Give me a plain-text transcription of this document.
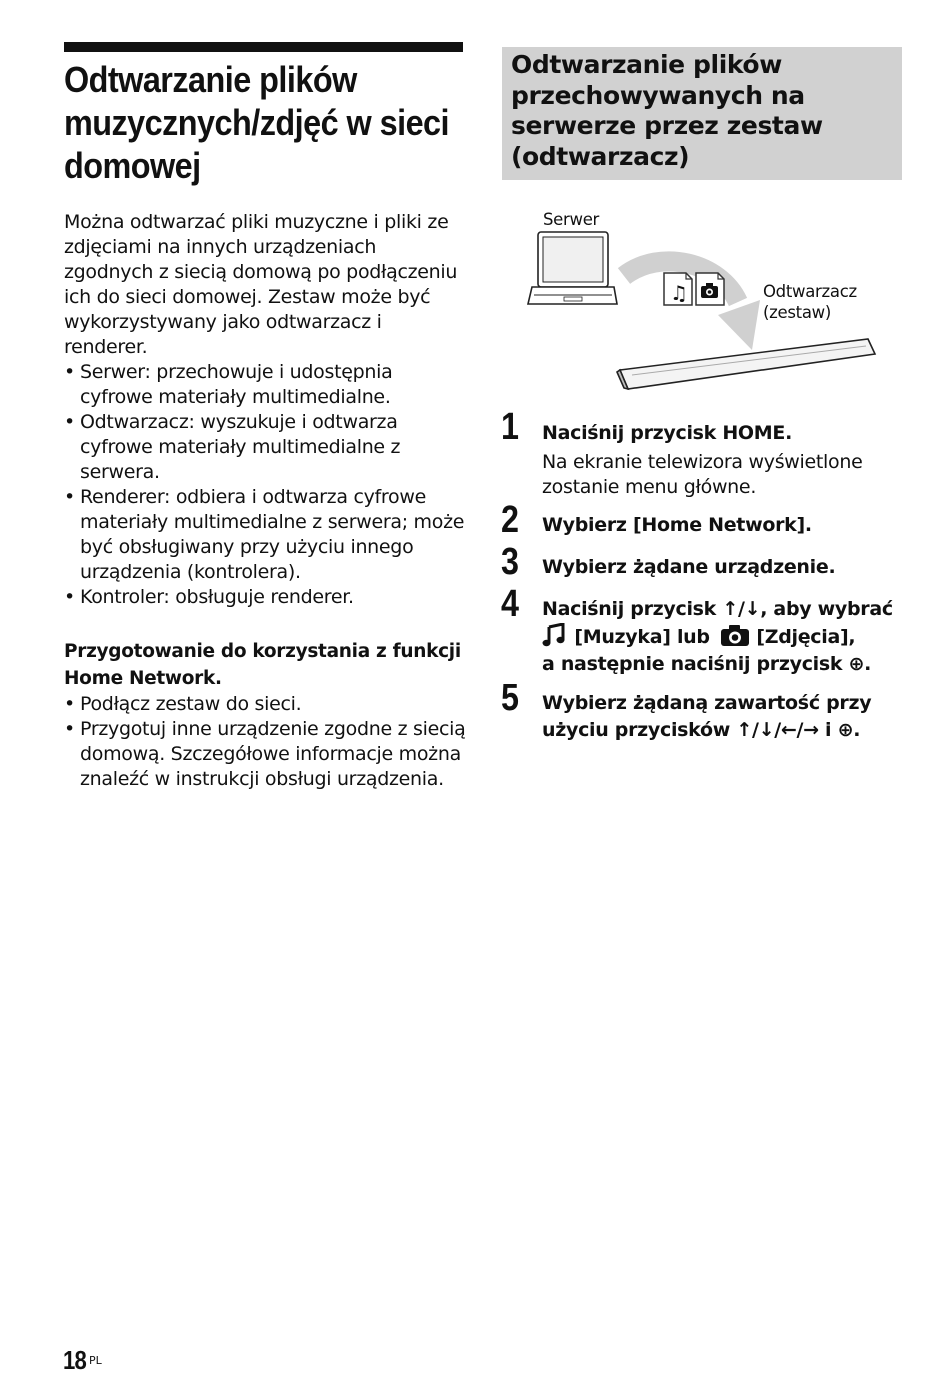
Odtwarzanie plików muzycznych/zdjęć w sieci domowej

Można odtwarzać pliki muzyczne i pliki ze zdjęciami na innych urządzeniach zgodnych z siecią domową po podłączeniu ich do sieci domowej. Zestaw może być wykorzystywany jako odtwarzacz i renderer.

• Serwer: przechowuje i udostępnia cyfrowe materiały multimedialne.
• Odtwarzacz: wyszukuje i odtwarza cyfrowe materiały multimedialne z serwera.
• Renderer: odbiera i odtwarza cyfrowe materiały multimedialne z serwera; może być obsługiwany przy użyciu innego urządzenia (kontrolera).
• Kontroler: obsługuje renderer.

Przygotowanie do korzystania z funkcji Home Network.

• Podłącz zestaw do sieci.
• Przygotuj inne urządzenie zgodne z siecią domową. Szczegółowe informacje można znaleźć w instrukcji obsługi urządzenia.
Odtwarzanie plików przechowywanych na serwerze przez zestaw (odtwarzacz)
♫
Serwer
Odtwarzacz
(zestaw)
1 Naciśnij przycisk HOME.
Na ekranie telewizora wyświetlone zostanie menu główne.
2 Wybierz [Home Network].
3 Wybierz żądane urządzenie.
4 Naciśnij przycisk ↑/↓, aby wybrać
[Muzyka] lub [Zdjęcia],
a następnie naciśnij przycisk ⊕.
5 Wybierz żądaną zawartość przy
użyciu przycisków ↑/↓/←/→ i ⊕.
18 PL
